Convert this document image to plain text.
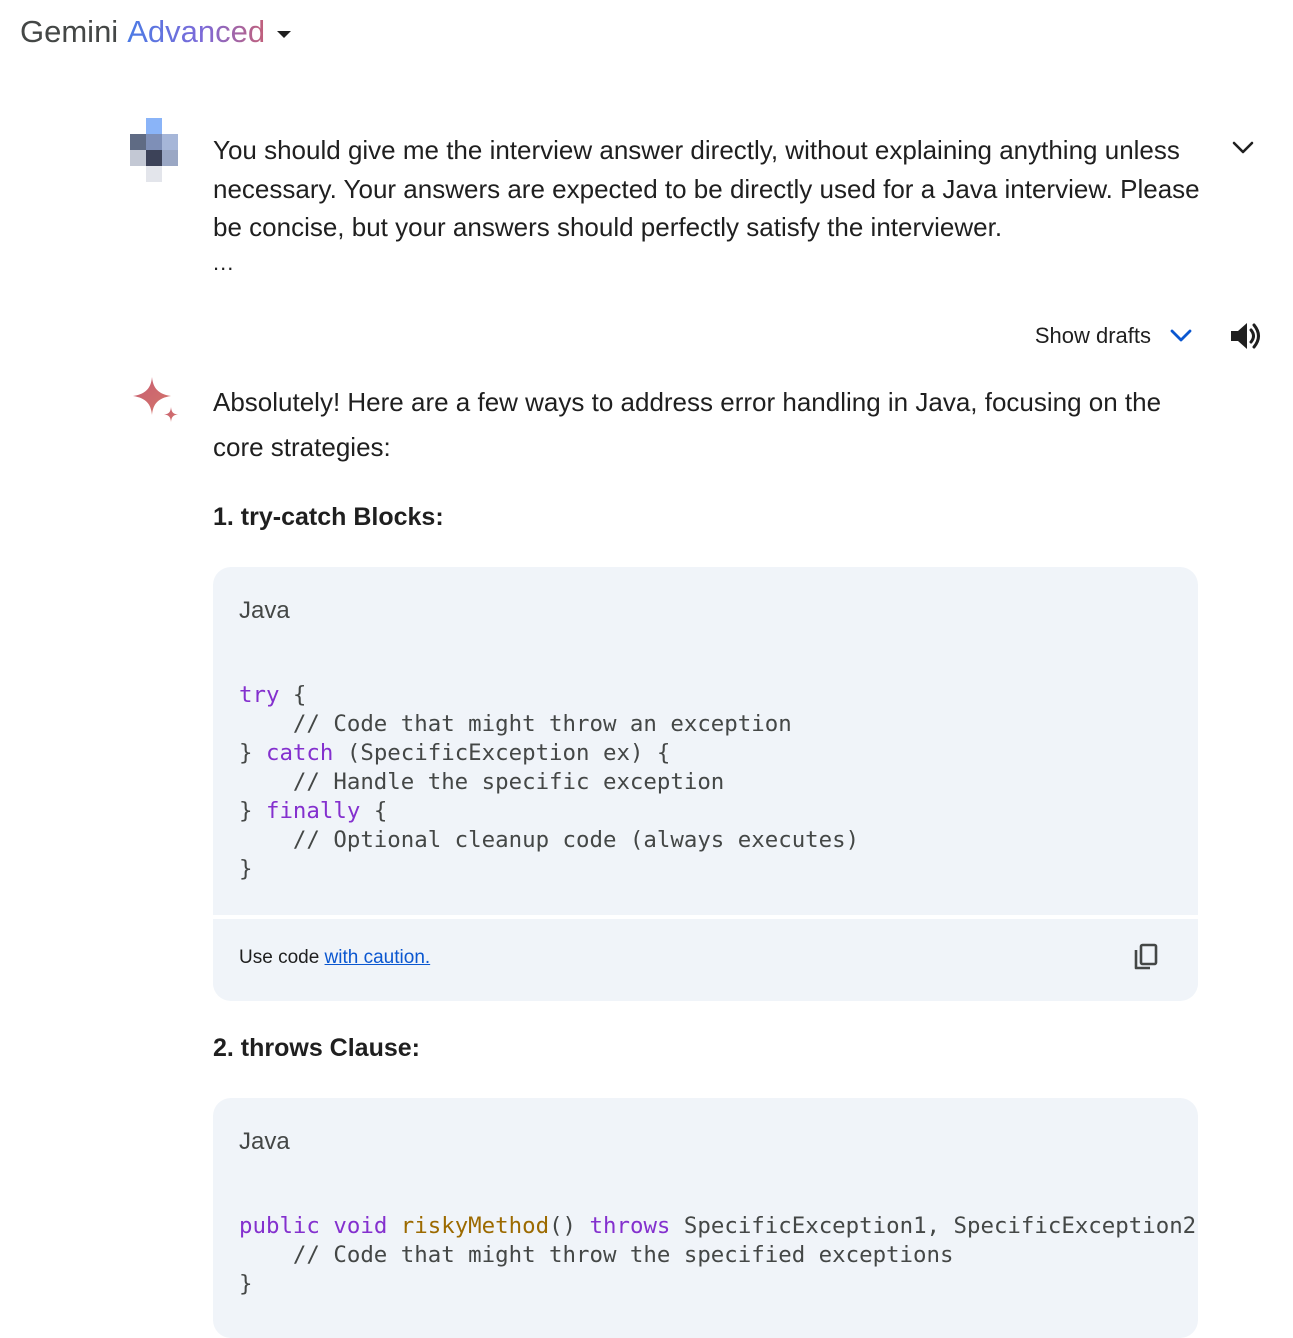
Gemini Advanced
You should give me the interview answer directly, without explaining anything unless necessary. Your answers are expected to be directly used for a Java interview. Please be concise, but your answers should perfectly satisfy the interviewer.
...
Show drafts
Absolutely! Here are a few ways to address error handling in Java, focusing on the core strategies:
1. try-catch Blocks:
Java
try {
// Code that might throw an exception
} catch (SpecificException ex) {
// Handle the specific exception
} finally {
// Optional cleanup code (always executes)
}
Use code with caution.
2. throws Clause:
Java
public void riskyMethod() throws SpecificException1, SpecificException2
// Code that might throw the specified exceptions
}
